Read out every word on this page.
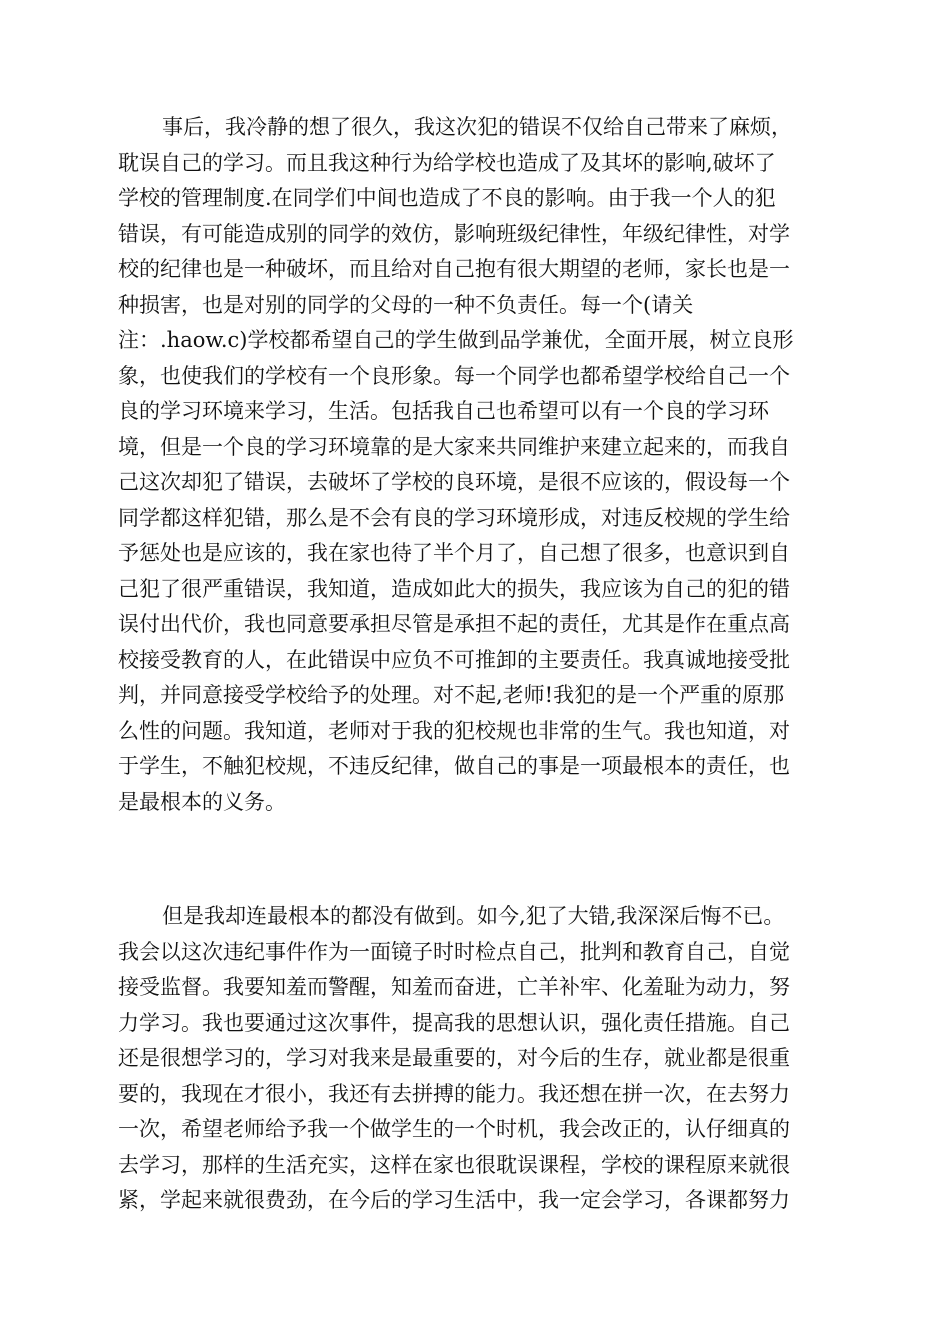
事后，我冷静的想了很久，我这次犯的错误不仅给自己带来了麻烦，
耽误自己的学习。而且我这种行为给学校也造成了及其坏的影响,破坏了
学校的管理制度.在同学们中间也造成了不良的影响。由于我一个人的犯
错误，有可能造成别的同学的效仿，影响班级纪律性，年级纪律性，对学
校的纪律也是一种破坏，而且给对自己抱有很大期望的老师，家长也是一
种损害，也是对别的同学的父母的一种不负责任。每一个(请关
注：.haow.c)学校都希望自己的学生做到品学兼优，全面开展，树立良形
象，也使我们的学校有一个良形象。每一个同学也都希望学校给自己一个
良的学习环境来学习，生活。包括我自己也希望可以有一个良的学习环
境，但是一个良的学习环境靠的是大家来共同维护来建立起来的，而我自
己这次却犯了错误，去破坏了学校的良环境，是很不应该的，假设每一个
同学都这样犯错，那么是不会有良的学习环境形成，对违反校规的学生给
予惩处也是应该的，我在家也待了半个月了，自己想了很多，也意识到自
己犯了很严重错误，我知道，造成如此大的损失，我应该为自己的犯的错
误付出代价，我也同意要承担尽管是承担不起的责任，尤其是作在重点高
校接受教育的人，在此错误中应负不可推卸的主要责任。我真诚地接受批
判，并同意接受学校给予的处理。对不起,老师!我犯的是一个严重的原那
么性的问题。我知道，老师对于我的犯校规也非常的生气。我也知道，对
于学生，不触犯校规，不违反纪律，做自己的事是一项最根本的责任，也
是最根本的义务。
但是我却连最根本的都没有做到。如今,犯了大错,我深深后悔不已。
我会以这次违纪事件作为一面镜子时时检点自己，批判和教育自己，自觉
接受监督。我要知羞而警醒，知羞而奋进，亡羊补牢、化羞耻为动力，努
力学习。我也要通过这次事件，提高我的思想认识，强化责任措施。自己
还是很想学习的，学习对我来是最重要的，对今后的生存，就业都是很重
要的，我现在才很小，我还有去拼搏的能力。我还想在拼一次，在去努力
一次，希望老师给予我一个做学生的一个时机，我会改正的，认仔细真的
去学习，那样的生活充实，这样在家也很耽误课程，学校的课程原来就很
紧，学起来就很费劲，在今后的学习生活中，我一定会学习，各课都努力
